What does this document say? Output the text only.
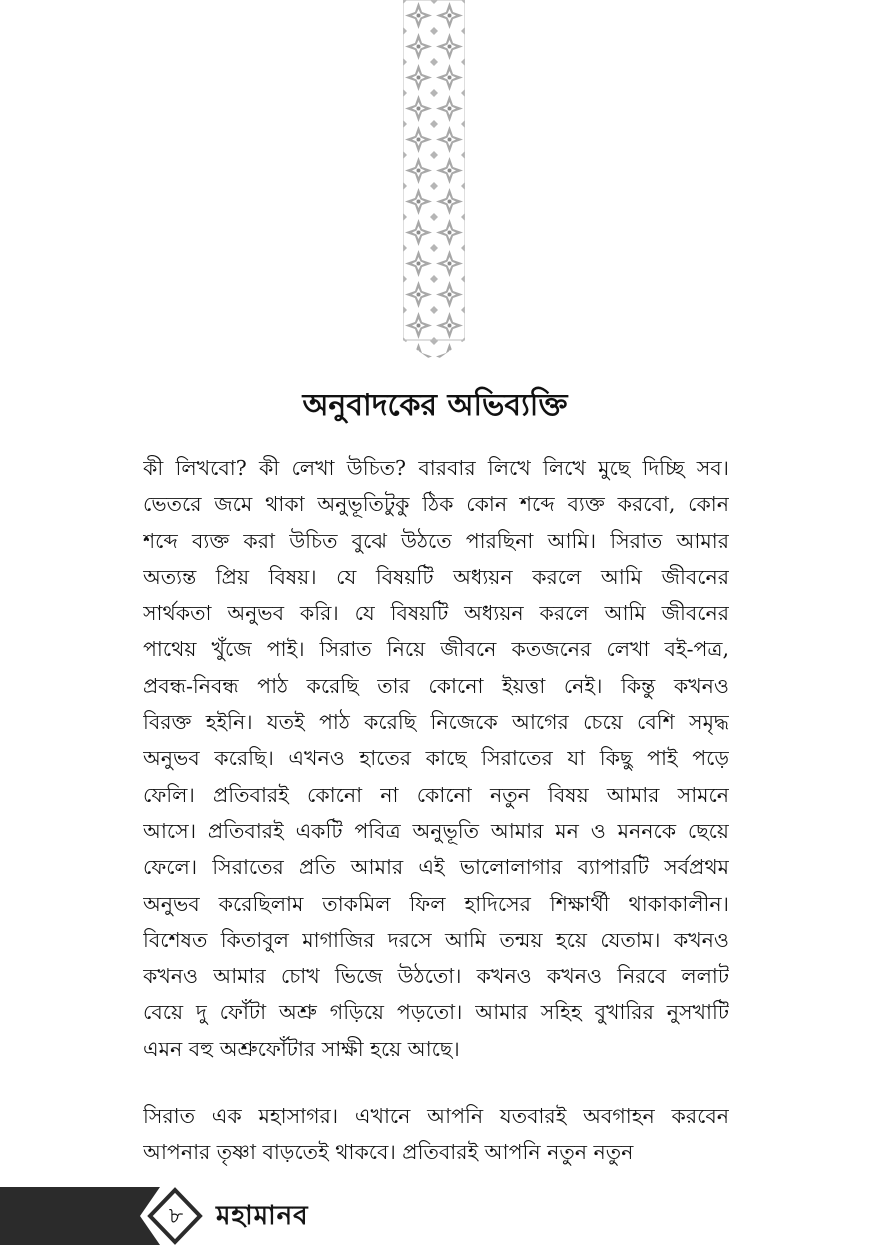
অনুবাদকের অভিব্যক্তি
কী লিখবো? কী লেখা উচিত? বারবার লিখে লিখে মুছে দিচ্ছি সব।
ভেতরে জমে থাকা অনুভূতিটুকু ঠিক কোন শব্দে ব্যক্ত করবো, কোন
শব্দে ব্যক্ত করা উচিত বুঝে উঠতে পারছিনা আমি। সিরাত আমার
অত্যন্ত প্রিয় বিষয়। যে বিষয়টি অধ্যয়ন করলে আমি জীবনের
সার্থকতা অনুভব করি। যে বিষয়টি অধ্যয়ন করলে আমি জীবনের
পাথেয় খুঁজে পাই। সিরাত নিয়ে জীবনে কতজনের লেখা বই-পত্র,
প্রবন্ধ-নিবন্ধ পাঠ করেছি তার কোনো ইয়ত্তা নেই। কিন্তু কখনও
বিরক্ত হইনি। যতই পাঠ করেছি নিজেকে আগের চেয়ে বেশি সমৃদ্ধ
অনুভব করেছি। এখনও হাতের কাছে সিরাতের যা কিছু পাই পড়ে
ফেলি। প্রতিবারই কোনো না কোনো নতুন বিষয় আমার সামনে
আসে। প্রতিবারই একটি পবিত্র অনুভূতি আমার মন ও মননকে ছেয়ে
ফেলে। সিরাতের প্রতি আমার এই ভালোলাগার ব্যাপারটি সর্বপ্রথম
অনুভব করেছিলাম তাকমিল ফিল হাদিসের শিক্ষার্থী থাকাকালীন।
বিশেষত কিতাবুল মাগাজির দরসে আমি তন্ময় হয়ে যেতাম। কখনও
কখনও আমার চোখ ভিজে উঠতো। কখনও কখনও নিরবে ললাট
বেয়ে দু ফোঁটা অশ্রু গড়িয়ে পড়তো। আমার সহিহ বুখারির নুসখাটি
এমন বহু অশ্রুফোঁটার সাক্ষী হয়ে আছে।
সিরাত এক মহাসাগর। এখানে আপনি যতবারই অবগাহন করবেন
আপনার তৃষ্ণা বাড়তেই থাকবে। প্রতিবারই আপনি নতুন নতুন
৮	মহামানব
